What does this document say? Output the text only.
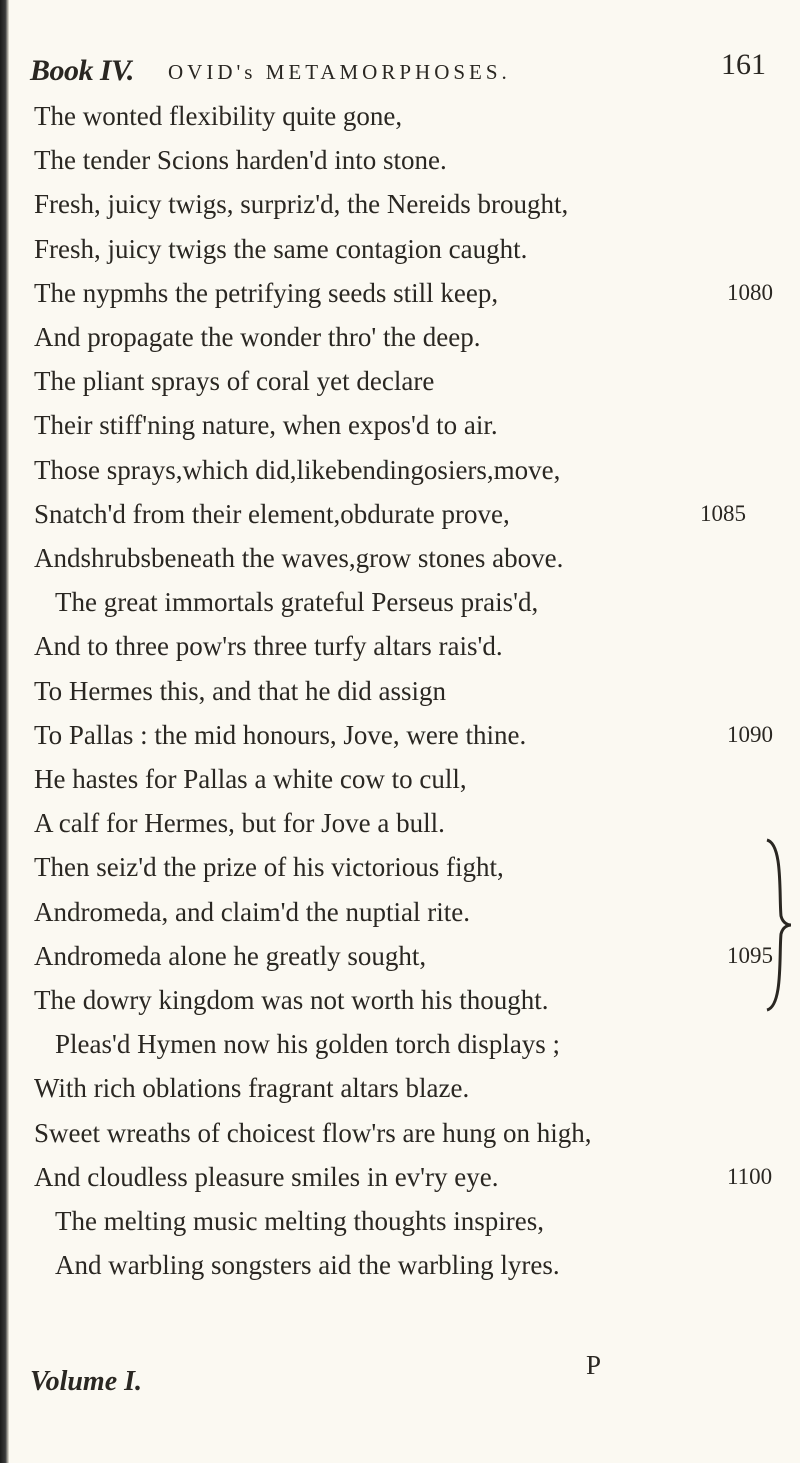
Book IV. OVID's METAMORPHOSES.	161
The wonted flexibility quite gone,
The tender Scions harden'd into stone.
Fresh, juicy twigs, surpriz'd, the Nereids brought,
Fresh, juicy twigs the same contagion caught.
The nypmhs the petrifying seeds still keep,	1080
And propagate the wonder thro' the deep.
The pliant sprays of coral yet declare
Their stiff'ning nature, when expos'd to air.
Those sprays,which did,likebendingosiers,move,
Snatch'd from their element,obdurate prove,	1085
Andshrubsbeneath the waves,grow stones above.
The great immortals grateful Perseus prais'd,
And to three pow'rs three turfy altars rais'd.
To Hermes this, and that he did assign
To Pallas : the mid honours, Jove, were thine.	1090
He hastes for Pallas a white cow to cull,
A calf for Hermes, but for Jove a bull.
Then seiz'd the prize of his victorious fight,
Andromeda, and claim'd the nuptial rite.
Andromeda alone he greatly sought,	1095
The dowry kingdom was not worth his thought.
Pleas'd Hymen now his golden torch displays ;
With rich oblations fragrant altars blaze.
Sweet wreaths of choicest flow'rs are hung on high,
And cloudless pleasure smiles in ev'ry eye.	1100
The melting music melting thoughts inspires,
And warbling songsters aid the warbling lyres.
Volume I.
P
